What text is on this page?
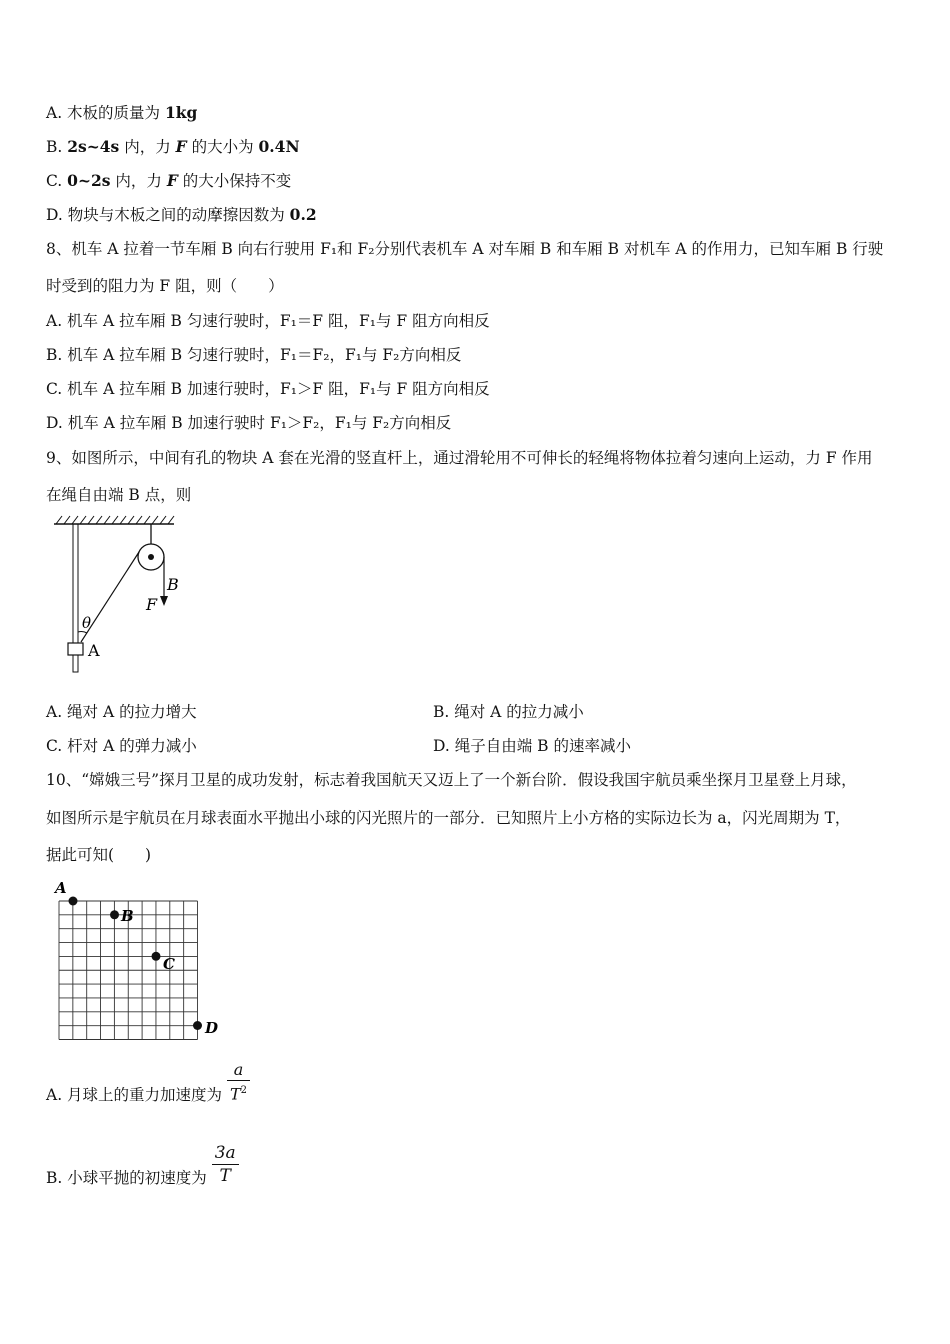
A. 木板的质量为 1kg
B. 2s~4s 内，力 F 的大小为 0.4N
C. 0~2s 内，力 F 的大小保持不变
D. 物块与木板之间的动摩擦因数为 0.2
8、机车 A 拉着一节车厢 B 向右行驶用 F₁和 F₂分别代表机车 A 对车厢 B 和车厢 B 对机车 A 的作用力，已知车厢 B 行驶
时受到的阻力为 F 阻，则（　　）
A. 机车 A 拉车厢 B 匀速行驶时，F₁＝F 阻，F₁与 F 阻方向相反
B. 机车 A 拉车厢 B 匀速行驶时，F₁＝F₂，F₁与 F₂方向相反
C. 机车 A 拉车厢 B 加速行驶时，F₁＞F 阻，F₁与 F 阻方向相反
D. 机车 A 拉车厢 B 加速行驶时 F₁＞F₂，F₁与 F₂方向相反
9、如图所示，中间有孔的物块 A 套在光滑的竖直杆上，通过滑轮用不可伸长的轻绳将物体拉着匀速向上运动，力 F 作用
在绳自由端 B 点，则
B
F
θ
A
A. 绳对 A 的拉力增大	B. 绳对 A 的拉力减小
C. 杆对 A 的弹力减小	D. 绳子自由端 B 的速率减小
10、“嫦娥三号”探月卫星的成功发射，标志着我国航天又迈上了一个新台阶．假设我国宇航员乘坐探月卫星登上月球，
如图所示是宇航员在月球表面水平抛出小球的闪光照片的一部分．已知照片上小方格的实际边长为 a，闪光周期为 T，
据此可知(　　)
A
B
C
D
A. 月球上的重力加速度为 $\frac{a}{T^2}$
B. 小球平抛的初速度为 $\frac{3a}{T}$
